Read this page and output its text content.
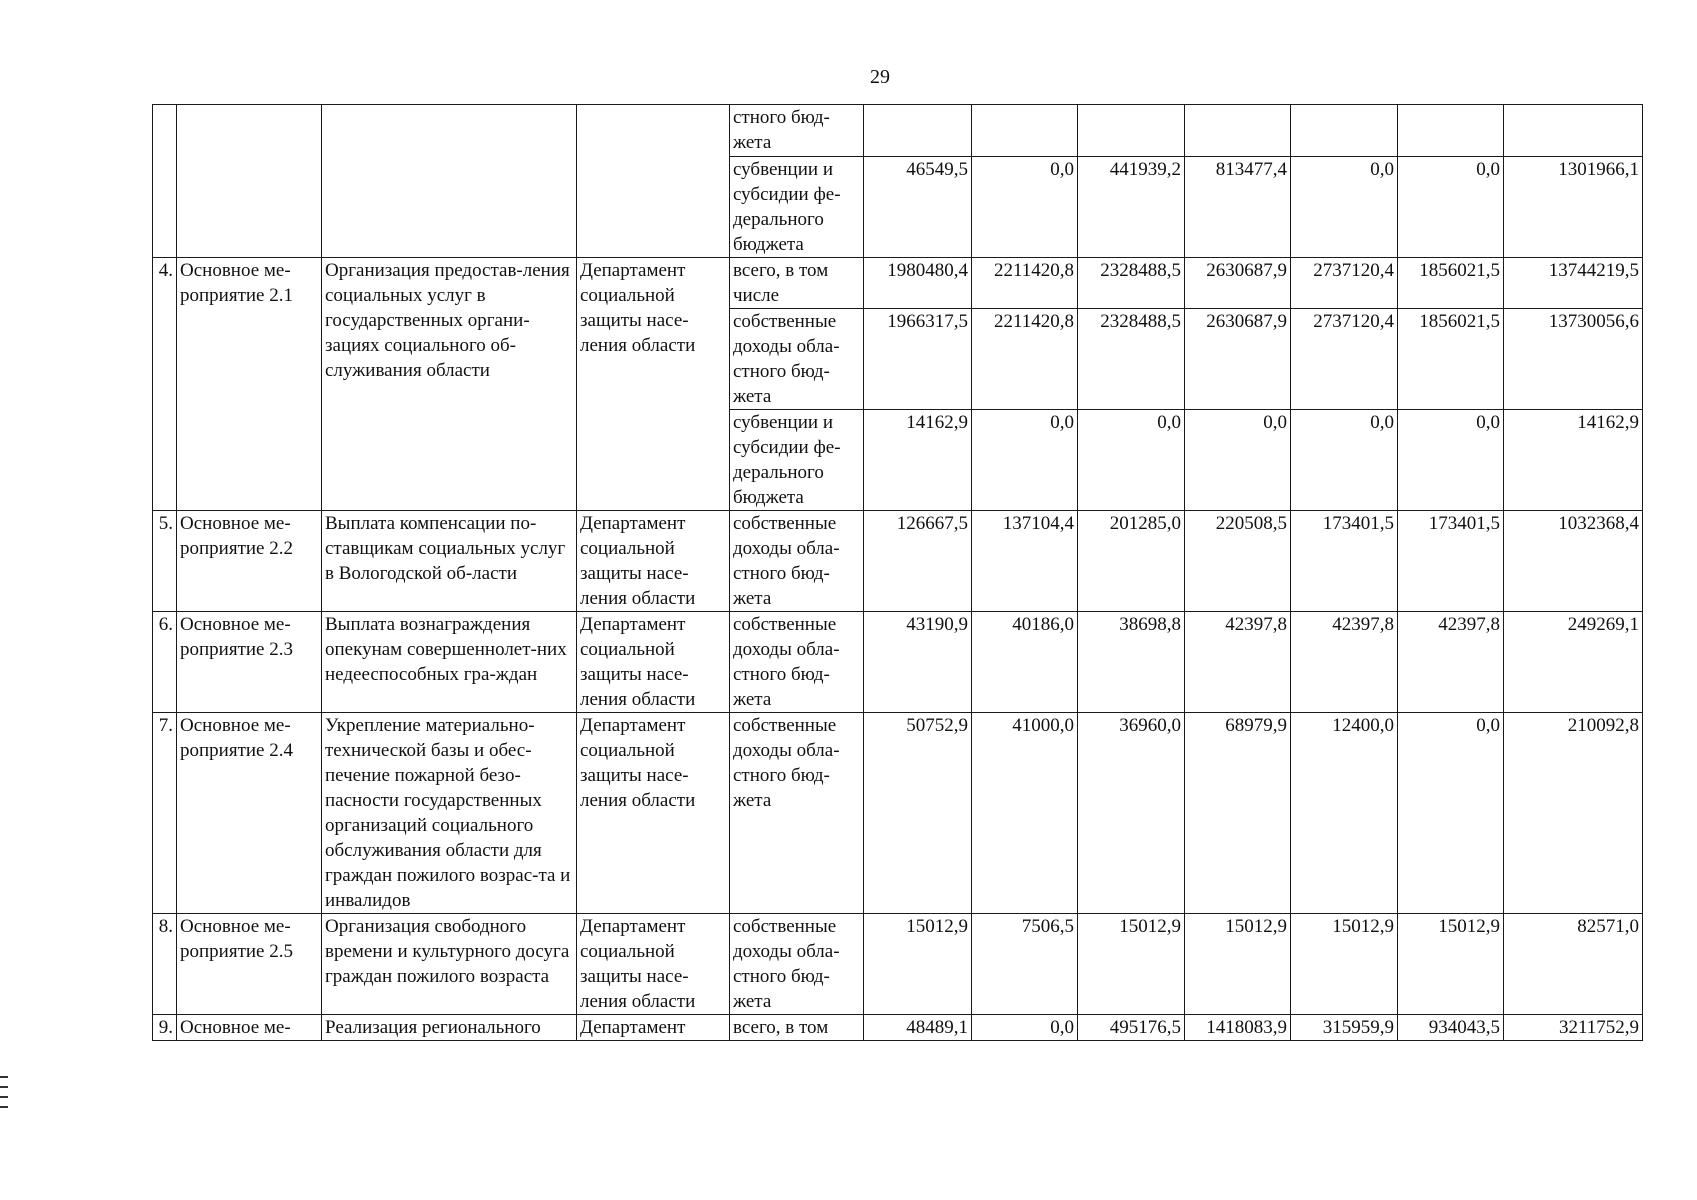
29
				стного бюд-жета							
				субвенции и субсидии фе-дерального бюджета	46549,5	0,0	441939,2	813477,4	0,0	0,0	1301966,1
4.	Основное ме-роприятие 2.1	Организация предостав-ления социальных услуг в государственных органи-зациях социального об-служивания области	Департамент социальной защиты насе-ления области	всего, в том числе	1980480,4	2211420,8	2328488,5	2630687,9	2737120,4	1856021,5	13744219,5
				собственные доходы обла-стного бюд-жета	1966317,5	2211420,8	2328488,5	2630687,9	2737120,4	1856021,5	13730056,6
				субвенции и субсидии фе-дерального бюджета	14162,9	0,0	0,0	0,0	0,0	0,0	14162,9
5.	Основное ме-роприятие 2.2	Выплата компенсации по-ставщикам социальных услуг в Вологодской об-ласти	Департамент социальной защиты насе-ления области	собственные доходы обла-стного бюд-жета	126667,5	137104,4	201285,0	220508,5	173401,5	173401,5	1032368,4
6.	Основное ме-роприятие 2.3	Выплата вознаграждения опекунам совершеннолет-них недееспособных гра-ждан	Департамент социальной защиты насе-ления области	собственные доходы обла-стного бюд-жета	43190,9	40186,0	38698,8	42397,8	42397,8	42397,8	249269,1
7.	Основное ме-роприятие 2.4	Укрепление материально-технической базы и обес-печение пожарной безо-пасности государственных организаций социального обслуживания области для граждан пожилого возрас-та и инвалидов	Департамент социальной защиты насе-ления области	собственные доходы обла-стного бюд-жета	50752,9	41000,0	36960,0	68979,9	12400,0	0,0	210092,8
8.	Основное ме-роприятие 2.5	Организация свободного времени и культурного досуга граждан пожилого возраста	Департамент социальной защиты насе-ления области	собственные доходы обла-стного бюд-жета	15012,9	7506,5	15012,9	15012,9	15012,9	15012,9	82571,0
9.	Основное ме-	Реализация регионального	Департамент	всего, в том	48489,1	0,0	495176,5	1418083,9	315959,9	934043,5	3211752,9
